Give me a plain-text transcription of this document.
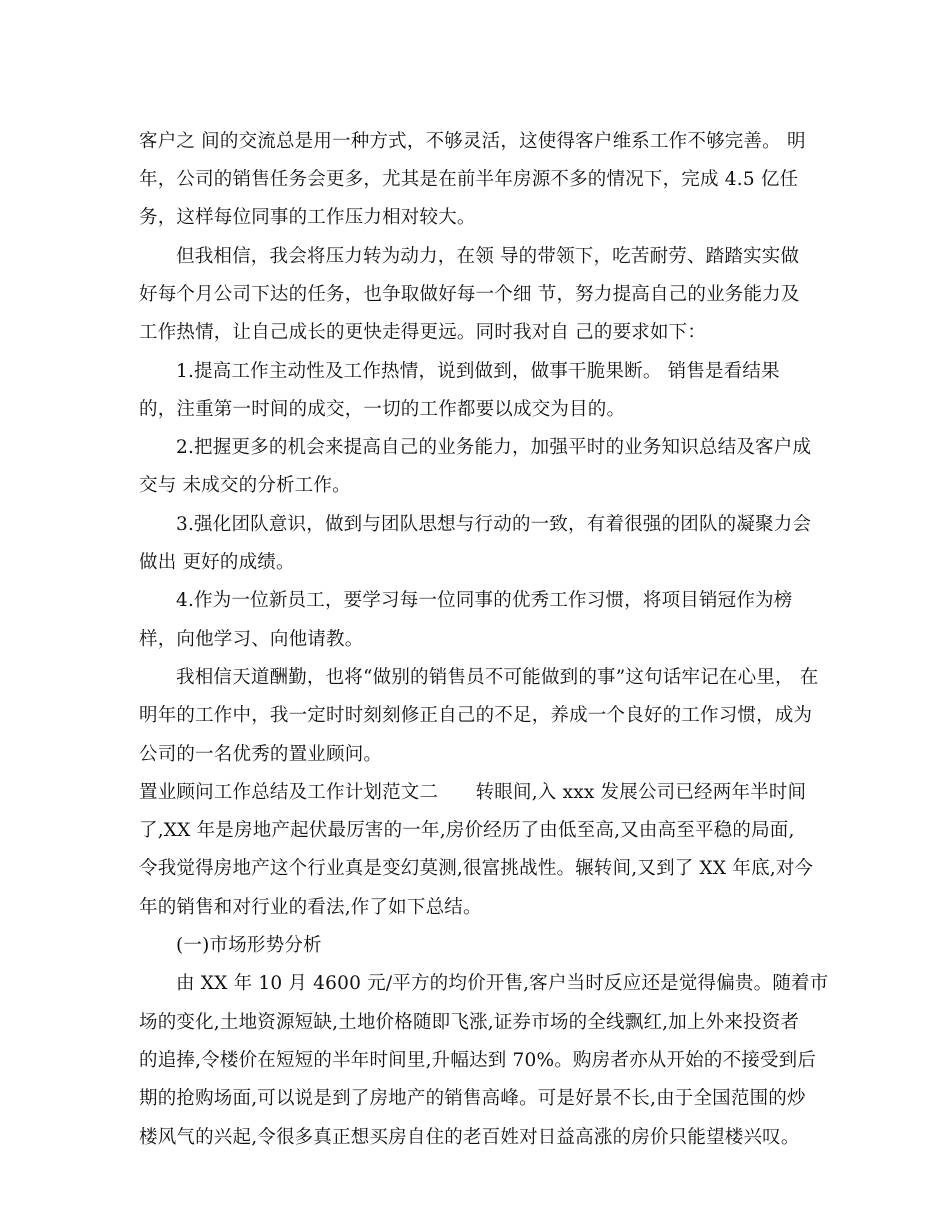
客户之 间的交流总是用一种方式，不够灵活，这使得客户维系工作不够完善。 明
年，公司的销售任务会更多，尤其是在前半年房源不多的情况下，完成 4.5 亿任
务，这样每位同事的工作压力相对较大。
但我相信，我会将压力转为动力，在领 导的带领下，吃苦耐劳、踏踏实实做
好每个月公司下达的任务，也争取做好每一个细 节，努力提高自己的业务能力及
工作热情，让自己成长的更快走得更远。同时我对自 己的要求如下：
1.提高工作主动性及工作热情，说到做到，做事干脆果断。 销售是看结果
的，注重第一时间的成交，一切的工作都要以成交为目的。
2.把握更多的机会来提高自己的业务能力，加强平时的业务知识总结及客户成
交与 未成交的分析工作。
3.强化团队意识，做到与团队思想与行动的一致，有着很强的团队的凝聚力会
做出 更好的成绩。
4.作为一位新员工，要学习每一位同事的优秀工作习惯，将项目销冠作为榜
样，向他学习、向他请教。
我相信天道酬勤，也将“做别的销售员不可能做到的事”这句话牢记在心里， 在
明年的工作中，我一定时时刻刻修正自己的不足，养成一个良好的工作习惯，成为
公司的一名优秀的置业顾问。
置业顾问工作总结及工作计划范文二　　转眼间,入 xxx 发展公司已经两年半时间
了,XX 年是房地产起伏最厉害的一年,房价经历了由低至高,又由高至平稳的局面,
令我觉得房地产这个行业真是变幻莫测,很富挑战性。辗转间,又到了 XX 年底,对今
年的销售和对行业的看法,作了如下总结。
(一)市场形势分析
由 XX 年 10 月 4600 元/平方的均价开售,客户当时反应还是觉得偏贵。随着市
场的变化,土地资源短缺,土地价格随即飞涨,证券市场的全线飘红,加上外来投资者
的追捧,令楼价在短短的半年时间里,升幅达到 70%。购房者亦从开始的不接受到后
期的抢购场面,可以说是到了房地产的销售高峰。可是好景不长,由于全国范围的炒
楼风气的兴起,令很多真正想买房自住的老百姓对日益高涨的房价只能望楼兴叹。
